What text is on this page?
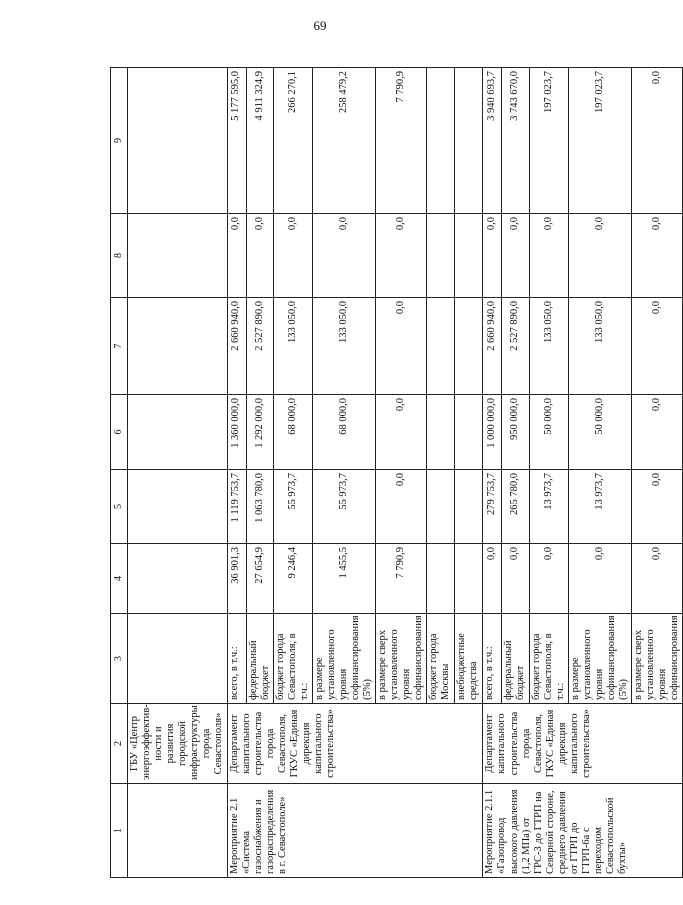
69
1	2	3	4	5	6	7	8	9
	ГБУ «Центр энергоэффектив-ности и развития городской инфраструктуры города Севастополя»							
Мероприятие 2.1 «Система газоснабжения и газораспределения в г. Севастополе»	Департамент капитального строительства города Севастополя, ГКУС «Единая дирекция капитального строительства»	всего, в т.ч.:	36 901,3	1 119 753,7	1 360 000,0	2 660 940,0	0,0	5 177 595,0
		федеральный бюджет	27 654,9	1 063 780,0	1 292 000,0	2 527 890,0	0,0	4 911 324,9
		бюджет города Севастополя, в т.ч.:	9 246,4	55 973,7	68 000,0	133 050,0	0,0	266 270,1
		в размере установленного уровня софинансирования (5%)	1 455,5	55 973,7	68 000,0	133 050,0	0,0	258 479,2
		в размере сверх установленного уровня софинансирования	7 790,9	0,0	0,0	0,0	0,0	7 790,9
		бюджет города Москвы						
		внебюджетные средства						
Мероприятие 2.1.1 «Газопровод высокого давления (1,2 МПа) от ГРС-3 до ГТРП на Северной стороне, среднего давления от ГТРП до ГТРП-6а с переходом Севастопольской бухты»	Департамент капитального строительства города Севастополя, ГКУС «Единая дирекция капитального строительства»	всего, в т.ч.:	0,0	279 753,7	1 000 000,0	2 660 940,0	0,0	3 940 693,7
		федеральный бюджет	0,0	265 780,0	950 000,0	2 527 890,0	0,0	3 743 670,0
		бюджет города Севастополя, в т.ч.:	0,0	13 973,7	50 000,0	133 050,0	0,0	197 023,7
		в размере установленного уровня софинансирования (5%)	0,0	13 973,7	50 000,0	133 050,0	0,0	197 023,7
		в размере сверх установленного уровня софинансирования	0,0	0,0	0,0	0,0	0,0	0,0
